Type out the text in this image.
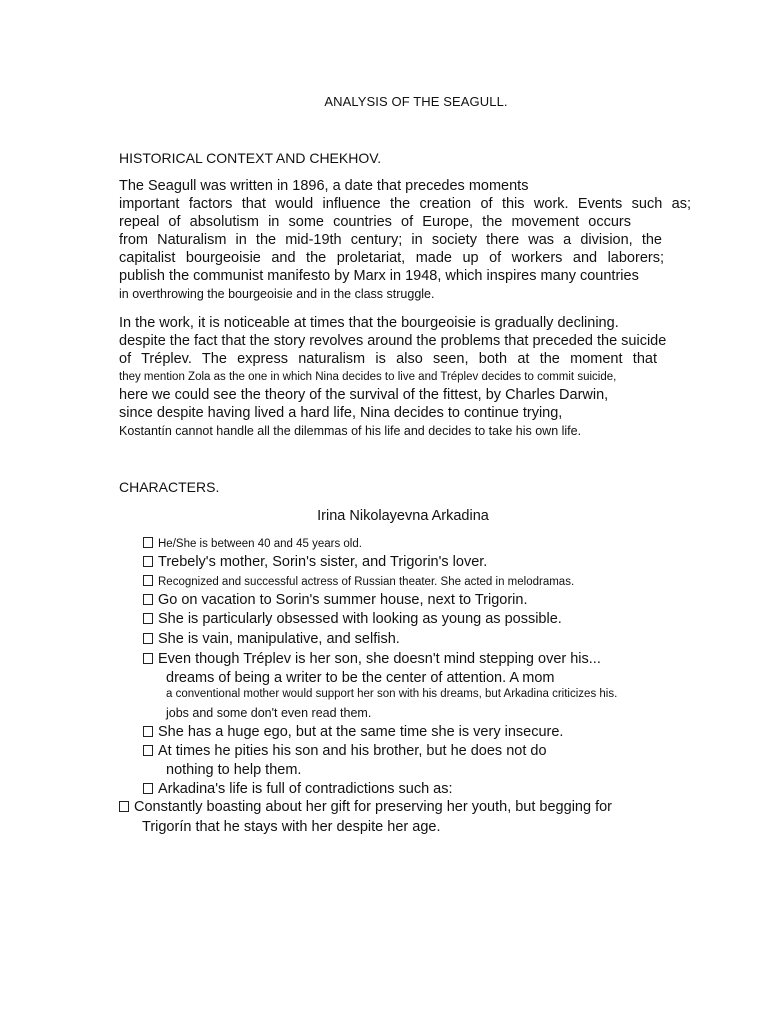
ANALYSIS OF THE SEAGULL.
HISTORICAL CONTEXT AND CHEKHOV.
The Seagull was written in 1896, a date that precedes moments
important factors that would influence the creation of this work. Events such as;
repeal of absolutism in some countries of Europe, the movement occurs
from Naturalism in the mid-19th century; in society there was a division, the
capitalist bourgeoisie and the proletariat, made up of workers and laborers;
publish the communist manifesto by Marx in 1948, which inspires many countries
in overthrowing the bourgeoisie and in the class struggle.
In the work, it is noticeable at times that the bourgeoisie is gradually declining.
despite the fact that the story revolves around the problems that preceded the suicide
of Tréplev. The express naturalism is also seen, both at the moment that
they mention Zola as the one in which Nina decides to live and Tréplev decides to commit suicide,
here we could see the theory of the survival of the fittest, by Charles Darwin,
since despite having lived a hard life, Nina decides to continue trying,
Kostantín cannot handle all the dilemmas of his life and decides to take his own life.
CHARACTERS.
Irina Nikolayevna Arkadina
He/She is between 40 and 45 years old.
Trebely's mother, Sorin's sister, and Trigorin's lover.
Recognized and successful actress of Russian theater. She acted in melodramas.
Go on vacation to Sorin's summer house, next to Trigorin.
She is particularly obsessed with looking as young as possible.
She is vain, manipulative, and selfish.
Even though Tréplev is her son, she doesn't mind stepping over his...
dreams of being a writer to be the center of attention. A mom
a conventional mother would support her son with his dreams, but Arkadina criticizes his.
jobs and some don't even read them.
She has a huge ego, but at the same time she is very insecure.
At times he pities his son and his brother, but he does not do
nothing to help them.
Arkadina's life is full of contradictions such as:
Constantly boasting about her gift for preserving her youth, but begging for
Trigorín that he stays with her despite her age.
